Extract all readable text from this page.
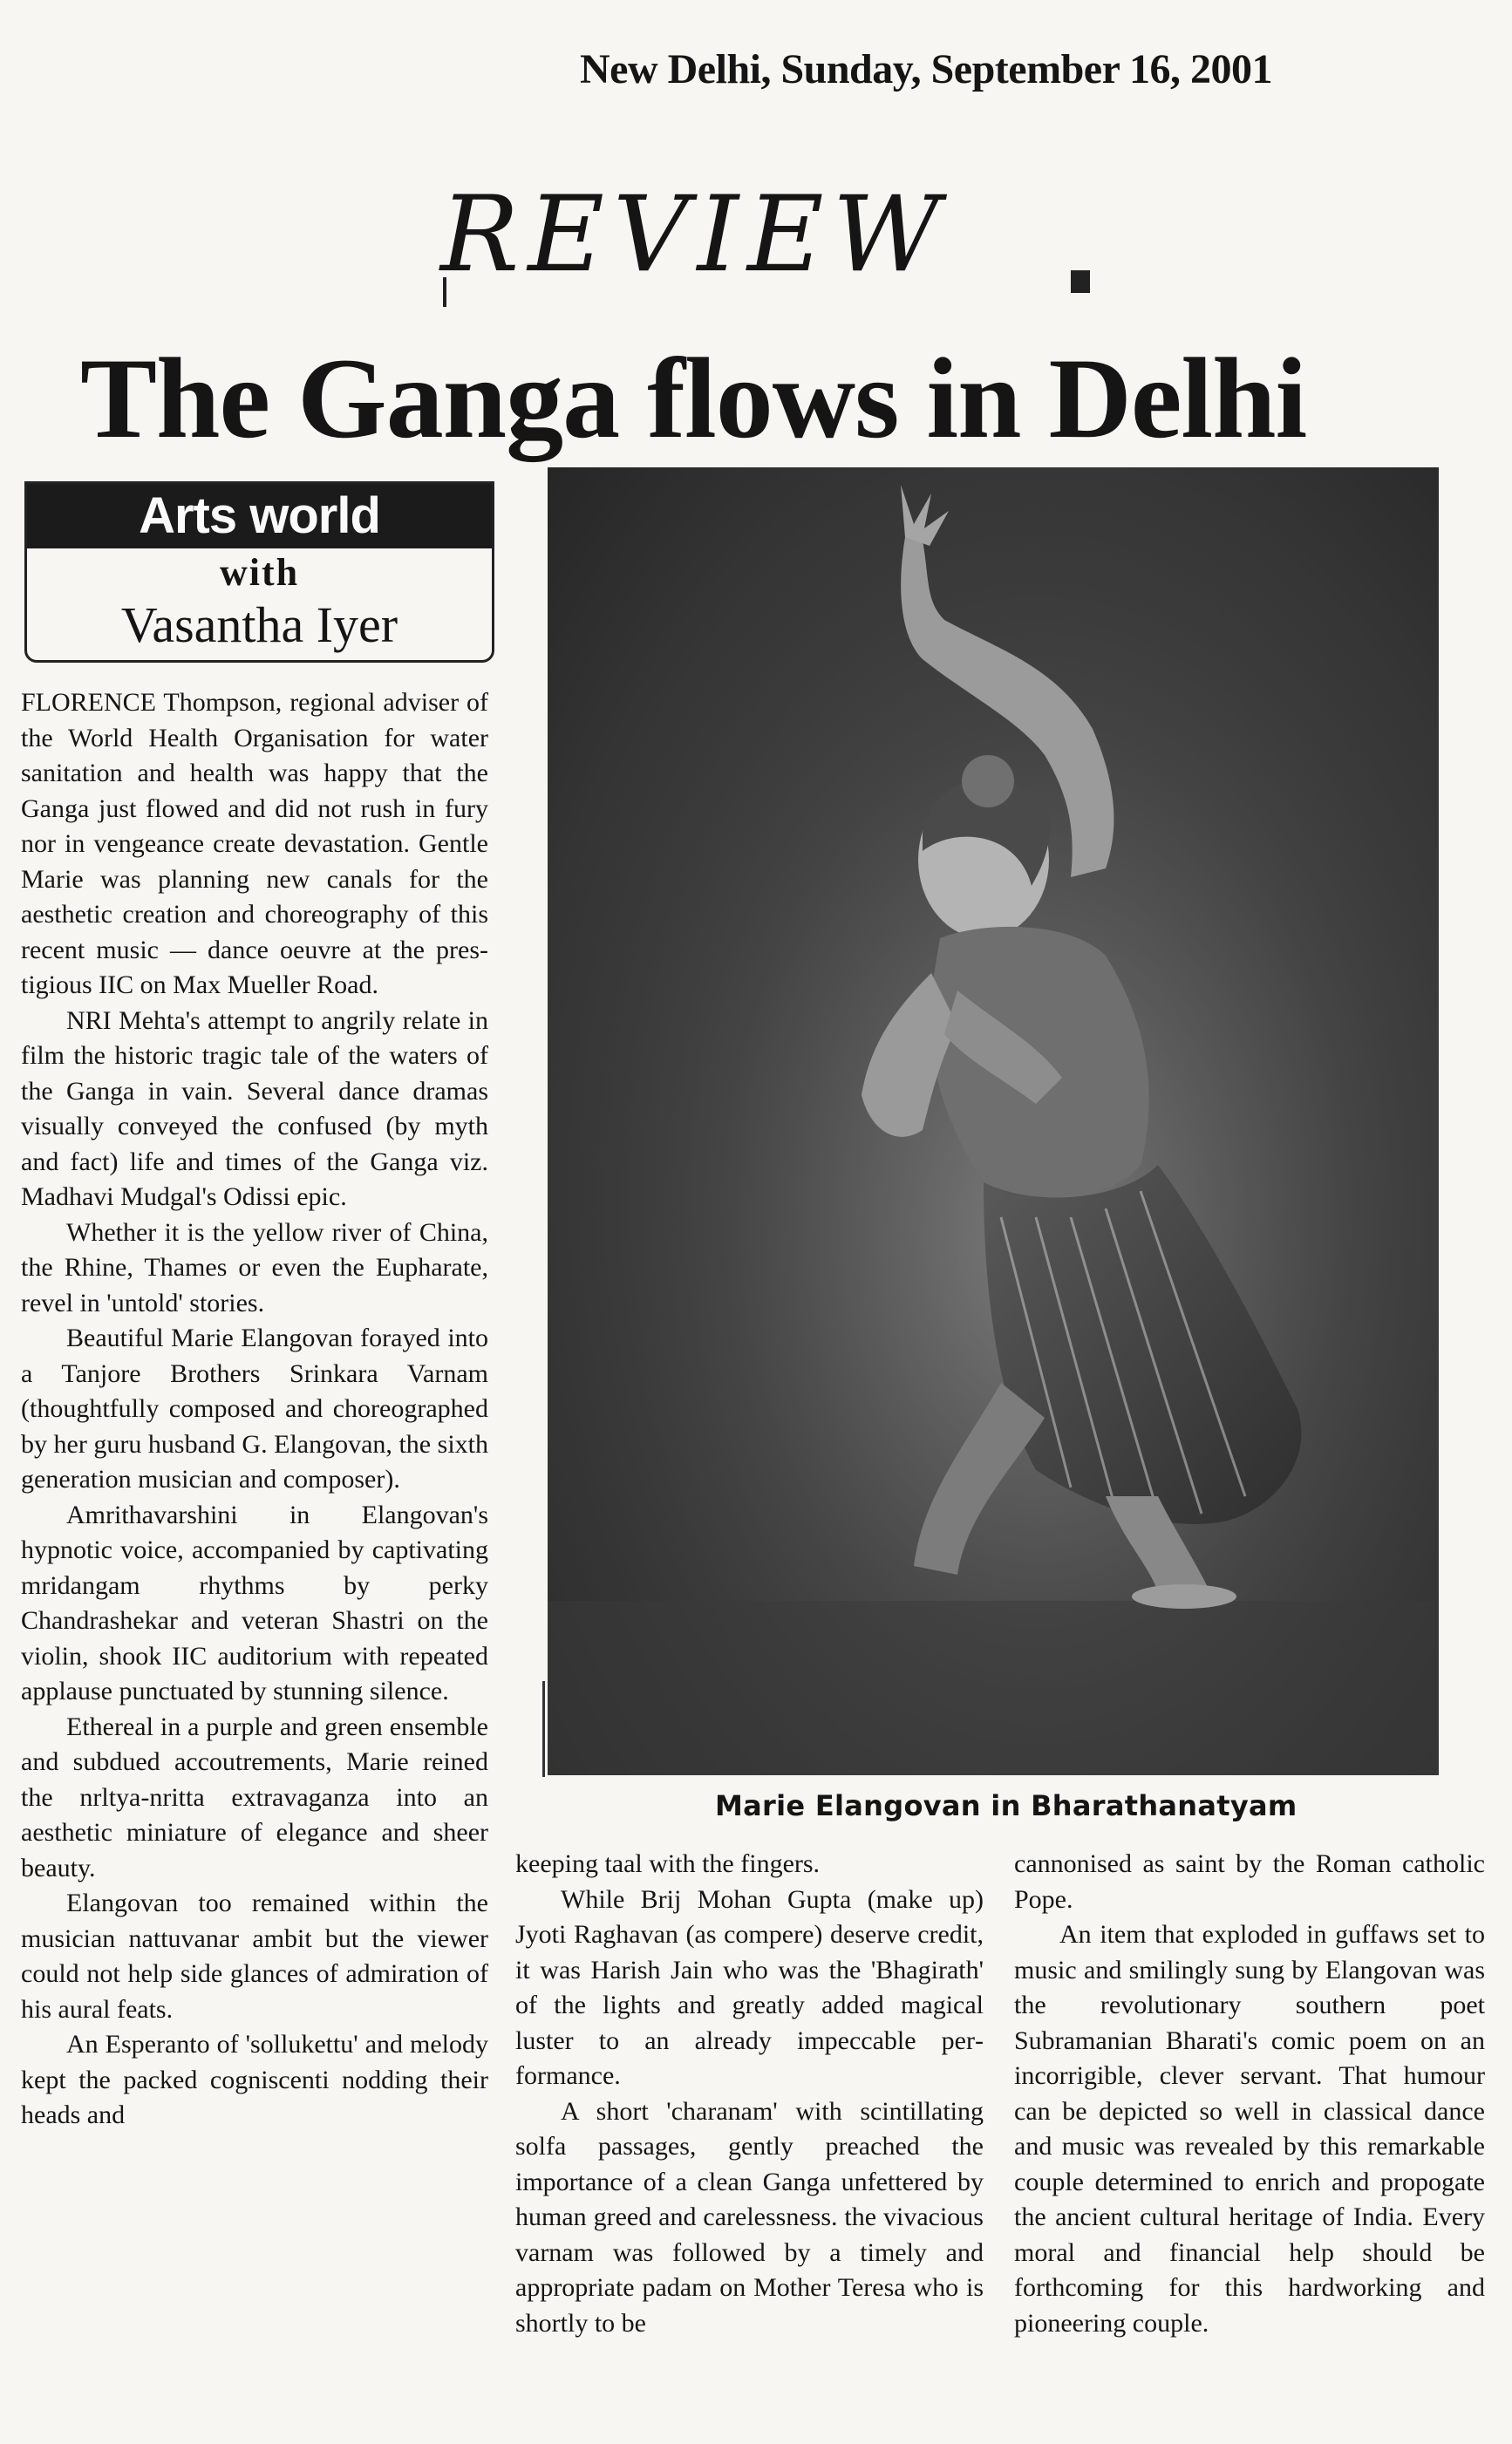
New Delhi, Sunday, September 16, 2001
REVIEW
The Ganga flows in Delhi
Arts world
with
Vasantha Iyer
Marie Elangovan in Bharathanatyam

FLORENCE Thompson, regional adviser of the World Health Organisation for water sanitation and health was happy that the Ganga just flowed and did not rush in fury nor in vengeance create devastation. Gentle Marie was planning new canals for the aesthetic creation and choreography of this recent music — dance oeuvre at the prestigious IIC on Max Mueller Road.

NRI Mehta's attempt to angrily relate in film the historic tragic tale of the waters of the Ganga in vain. Several dance dramas visually conveyed the confused (by myth and fact) life and times of the Ganga viz. Madhavi Mudgal's Odissi epic.

Whether it is the yellow river of China, the Rhine, Thames or even the Eupharate, revel in 'untold' stories.

Beautiful Marie Elangovan forayed into a Tanjore Brothers Srinkara Varnam (thoughtfully composed and choreographed by her guru husband G. Elangovan, the sixth generation musician and composer).

Amrithavarshini in Elangovan's hypnotic voice, accompanied by captivating mridangam rhythms by perky Chandrashekar and veteran Shastri on the violin, shook IIC auditorium with repeated applause punctuated by stunning silence.

Ethereal in a purple and green ensemble and subdued accoutrements, Marie reined the nrltya-nritta extravaganza into an aesthetic miniature of elegance and sheer beauty.

Elangovan too remained within the musician nattuvanar ambit but the viewer could not help side glances of admiration of his aural feats.

An Esperanto of 'sollukettu' and melody kept the packed cogniscenti nodding their heads and

keeping taal with the fingers.

While Brij Mohan Gupta (make up) Jyoti Raghavan (as compere) deserve credit, it was Harish Jain who was the 'Bhagirath' of the lights and greatly added magical luster to an already impeccable performance.

A short 'charanam' with scintillating solfa passages, gently preached the importance of a clean Ganga unfettered by human greed and carelessness. the vivacious varnam was followed by a timely and appropriate padam on Mother Teresa who is shortly to be

cannonised as saint by the Roman catholic Pope.

An item that exploded in guffaws set to music and smilingly sung by Elangovan was the revolutionary southern poet Subramanian Bharati's comic poem on an incorrigible, clever servant. That humour can be depicted so well in classical dance and music was revealed by this remarkable couple determined to enrich and propogate the ancient cultural heritage of India. Every moral and financial help should be forthcoming for this hardworking and pioneering couple.
